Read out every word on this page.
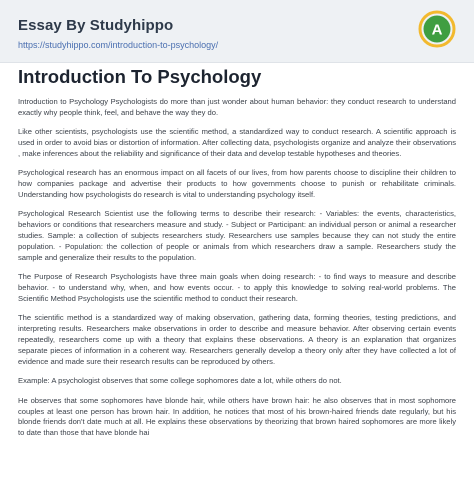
Essay By Studyhippo
https://studyhippo.com/introduction-to-psychology/
A
Introduction To Psychology

Introduction to Psychology Psychologists do more than just wonder about human behavior: they conduct research to understand exactly why people think, feel, and behave the way they do.

Like other scientists, psychologists use the scientific method, a standardized way to conduct research. A scientific approach is used in order to avoid bias or distortion of information. After collecting data, psychologists organize and analyze their observations , make inferences about the reliability and significance of their data and develop testable hypotheses and theories.

Psychological research has an enormous impact on all facets of our lives, from how parents choose to discipline their children to how companies package and advertise their products to how governments choose to punish or rehabilitate criminals. Understanding how psychologists do research is vital to understanding psychology itself.

Psychological Research Scientist use the following terms to describe their research: - Variables: the events, characteristics, behaviors or conditions that researchers measure and study. - Subject or Participant: an individual person or animal a researcher studies. Sample: a collection of subjects researchers study. Researchers use samples because they can not study the entire population. - Population: the collection of people or animals from which researchers draw a sample. Researchers study the sample and generalize their results to the population.

The Purpose of Research Psychologists have three main goals when doing research: - to find ways to measure and describe behavior. - to understand why, when, and how events occur. - to apply this knowledge to solving real-world problems. The Scientific Method Psychologists use the scientific method to conduct their research.

The scientific method is a standardized way of making observation, gathering data, forming theories, testing predictions, and interpreting results. Researchers make observations in order to describe and measure behavior. After observing certain events repeatedly, researchers come up with a theory that explains these observations. A theory is an explanation that organizes separate pieces of information in a coherent way. Researchers generally develop a theory only after they have collected a lot of evidence and made sure their research results can be reproduced by others.

Example: A psychologist observes that some college sophomores date a lot, while others do not.

He observes that some sophomores have blonde hair, while others have brown hair: he also observes that in most sophomore couples at least one person has brown hair. In addition, he notices that most of his brown-haired friends date regularly, but his blonde friends don't date much at all. He explains these observations by theorizing that brown haired sophomores are more likely to date than those that have blonde hai
